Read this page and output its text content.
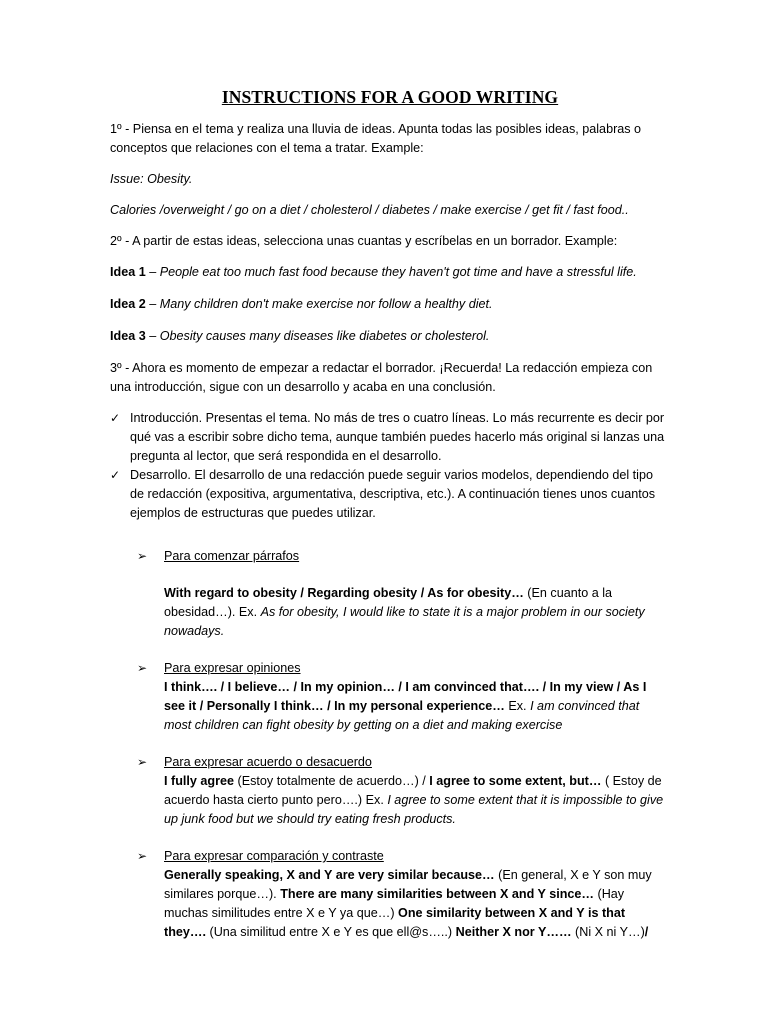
INSTRUCTIONS FOR A GOOD WRITING

1º - Piensa en el tema y realiza una lluvia de ideas. Apunta todas las posibles ideas, palabras o conceptos que relaciones con el tema a tratar. Example:

Issue: Obesity.

Calories /overweight / go on a diet / cholesterol / diabetes / make exercise / get fit / fast food..

2º - A partir de estas ideas, selecciona unas cuantas y escríbelas en un borrador. Example:

Idea 1 – People eat too much fast food because they haven't got time and have a stressful life.

Idea 2 – Many children don't make exercise nor follow a healthy diet.

Idea 3 – Obesity causes many diseases like diabetes or cholesterol.

3º - Ahora es momento de empezar a redactar el borrador. ¡Recuerda! La redacción empieza con una introducción, sigue con un desarrollo y acaba en una conclusión.

✓ Introducción. Presentas el tema. No más de tres o cuatro líneas. Lo más recurrente es decir por qué vas a escribir sobre dicho tema, aunque también puedes hacerlo más original si lanzas una pregunta al lector, que será respondida en el desarrollo.
✓ Desarrollo. El desarrollo de una redacción puede seguir varios modelos, dependiendo del tipo de redacción (expositiva, argumentativa, descriptiva, etc.). A continuación tienes unos cuantos ejemplos de estructuras que puedes utilizar.
➢ Para comenzar párrafos

With regard to obesity / Regarding obesity / As for obesity… (En cuanto a la obesidad…). Ex. As for obesity, I would like to state it is a major problem in our society nowadays.

➢ Para expresar opiniones

I think…. / I believe… / In my opinion… / I am convinced that…. / In my view / As I see it / Personally I think… / In my personal experience… Ex. I am convinced that most children can fight obesity by getting on a diet and making exercise

➢ Para expresar acuerdo o desacuerdo

I fully agree (Estoy totalmente de acuerdo…) / I agree to some extent, but… ( Estoy de acuerdo hasta cierto punto pero….) Ex. I agree to some extent that it is impossible to give up junk food but we should try eating fresh products.

➢ Para expresar comparación y contraste

Generally speaking, X and Y are very similar because… (En general, X e Y son muy similares porque…). There are many similarities between X and Y since… (Hay muchas similitudes entre X e Y ya que…) One similarity between X and Y is that they…. (Una similitud entre X e Y es que ell@s…..) Neither X nor Y…… (Ni X ni Y…)/
